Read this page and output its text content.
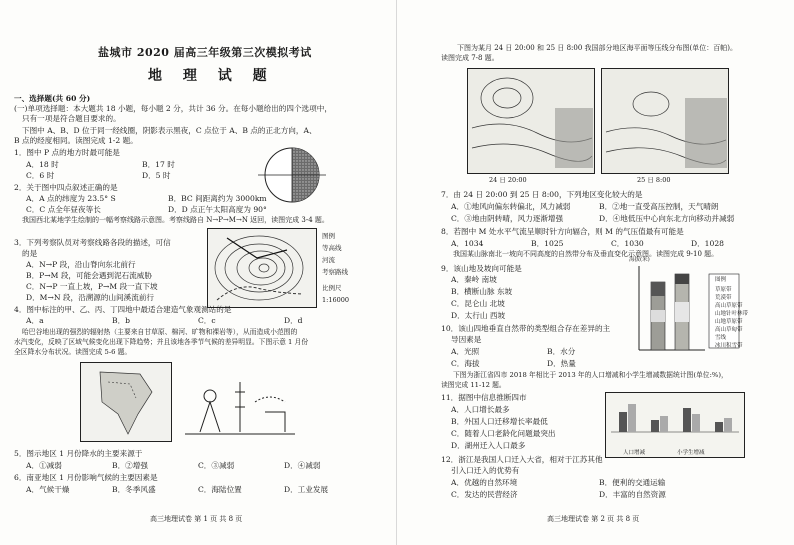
盐城市 2020 届高三年级第三次模拟考试
地 理 试 题
一、选择题(共 60 分)
(一)单项选择题：本大题共 18 小题，每小题 2 分，共计 36 分。在每小题给出的四个选项中，
只有一项是符合题目要求的。
下图中 A、B、D 位于同一经线圈，阴影表示黑夜，C 点位于 A、B 点的正北方向，A、
B 点的经度相同。读图完成 1-2 题。
1．图中 P 点的地方时最可能是
A．18 时	B．17 时
C．6 时	D．5 时
2．关于图中四点叙述正确的是
A．A 点的纬度为 23.5° S	B．BC 间距离约为 3000km
C．C 点全年昼夜等长	D．D 点正午太阳高度为 90°
我国西北某地学生绘制的一幅考察线路示意图。考察线路自 N→P→M→N 返回，读图完成 3-4 题。
3．下列考察队员对考察线路各段的描述，可信
的是
A．N→P 段，沿山脊向东北前行
B．P→M 段，可能会遇到泥石流威胁
C．N→P 一直上坡，P→M 段一直下坡
D．M→N 段，沿溯源的山间溪流前行
图例
等高线
河流
考察路线
比例尺
1:16000
4．图中标注的甲、乙、丙、丁四地中最适合建造气象观测站的是
A．a	B．b	C．c	D．d
哈巴谷地出现的强烈的辐射热（主要来自甘草原、棉河、旷物和裸岩等），从而造成小范围的
水汽变化，反映了区域气候变化出现下降趋势；并且该地各季节气候的差异明显。下图示意 1 月份
全区降水分布状况。读图完成 5-6 题。
5．图示地区 1 月份降水的主要来源于
A．①减弱	B．②增强	C．③减弱	D．④减弱
6．南亚地区 1 月份影响气候的主要因素是
A．气候干燥	B．冬季风盛	C．海陆位置	D．工业发展
高三地理试卷 第 1 页 共 8 页
下图为某月 24 日 20:00 和 25 日 8:00 我国部分地区海平面等压线分布图(单位：百帕)。
读图完成 7-8 题。
24 日 20:00	25 日 8:00
7．由 24 日 20:00 到 25 日 8:00，下列地区变化较大的是
A．①地风向偏东转偏北，风力减弱	B．②地一直受高压控制，天气晴朗
C．③地由阴转晴，风力逐渐增强	D．④地低压中心向东北方向移动并减弱
8．若图中 M 处水平气流呈顺时针方向辐合，则 M 的气压值最有可能是
A．1034	B．1025	C．1030	D．1028
我国某山脉南北一坡向不同高度的自然带分布及垂直变化示意图。读图完成 9-10 题。
9．该山地及坡向可能是
A．秦岭 南坡
B．横断山脉 东坡
C．昆仑山 北坡
D．太行山 西坡
图例
草原带
荒漠带
高山草原带
山地针叶林带
山地草原带
高山草甸带
雪线
冰川积雪带
海拔(米)
10．该山四地垂直自然带的类型组合存在差异的主
导因素是
A．光照	B．水分
C．海拔	D．热量
下图为浙江省四市 2018 年相比于 2013 年的人口增减和小学生增减数据统计图(单位:%)，
读图完成 11-12 题。
11．据图中信息推断四市
A．人口增长最多
B．外国人口迁移增长率最低
C．随着人口老龄化问题最突出
D．湖州迁入人口最多
人口增减	小学生增减
12．浙江是我国人口迁入大省，相对于江苏其他
引入口迁入的优势有
A．优越的自然环境	B．便利的交通运输
C．发达的民营经济	D．丰富的自然资源
高三地理试卷 第 2 页 共 8 页
